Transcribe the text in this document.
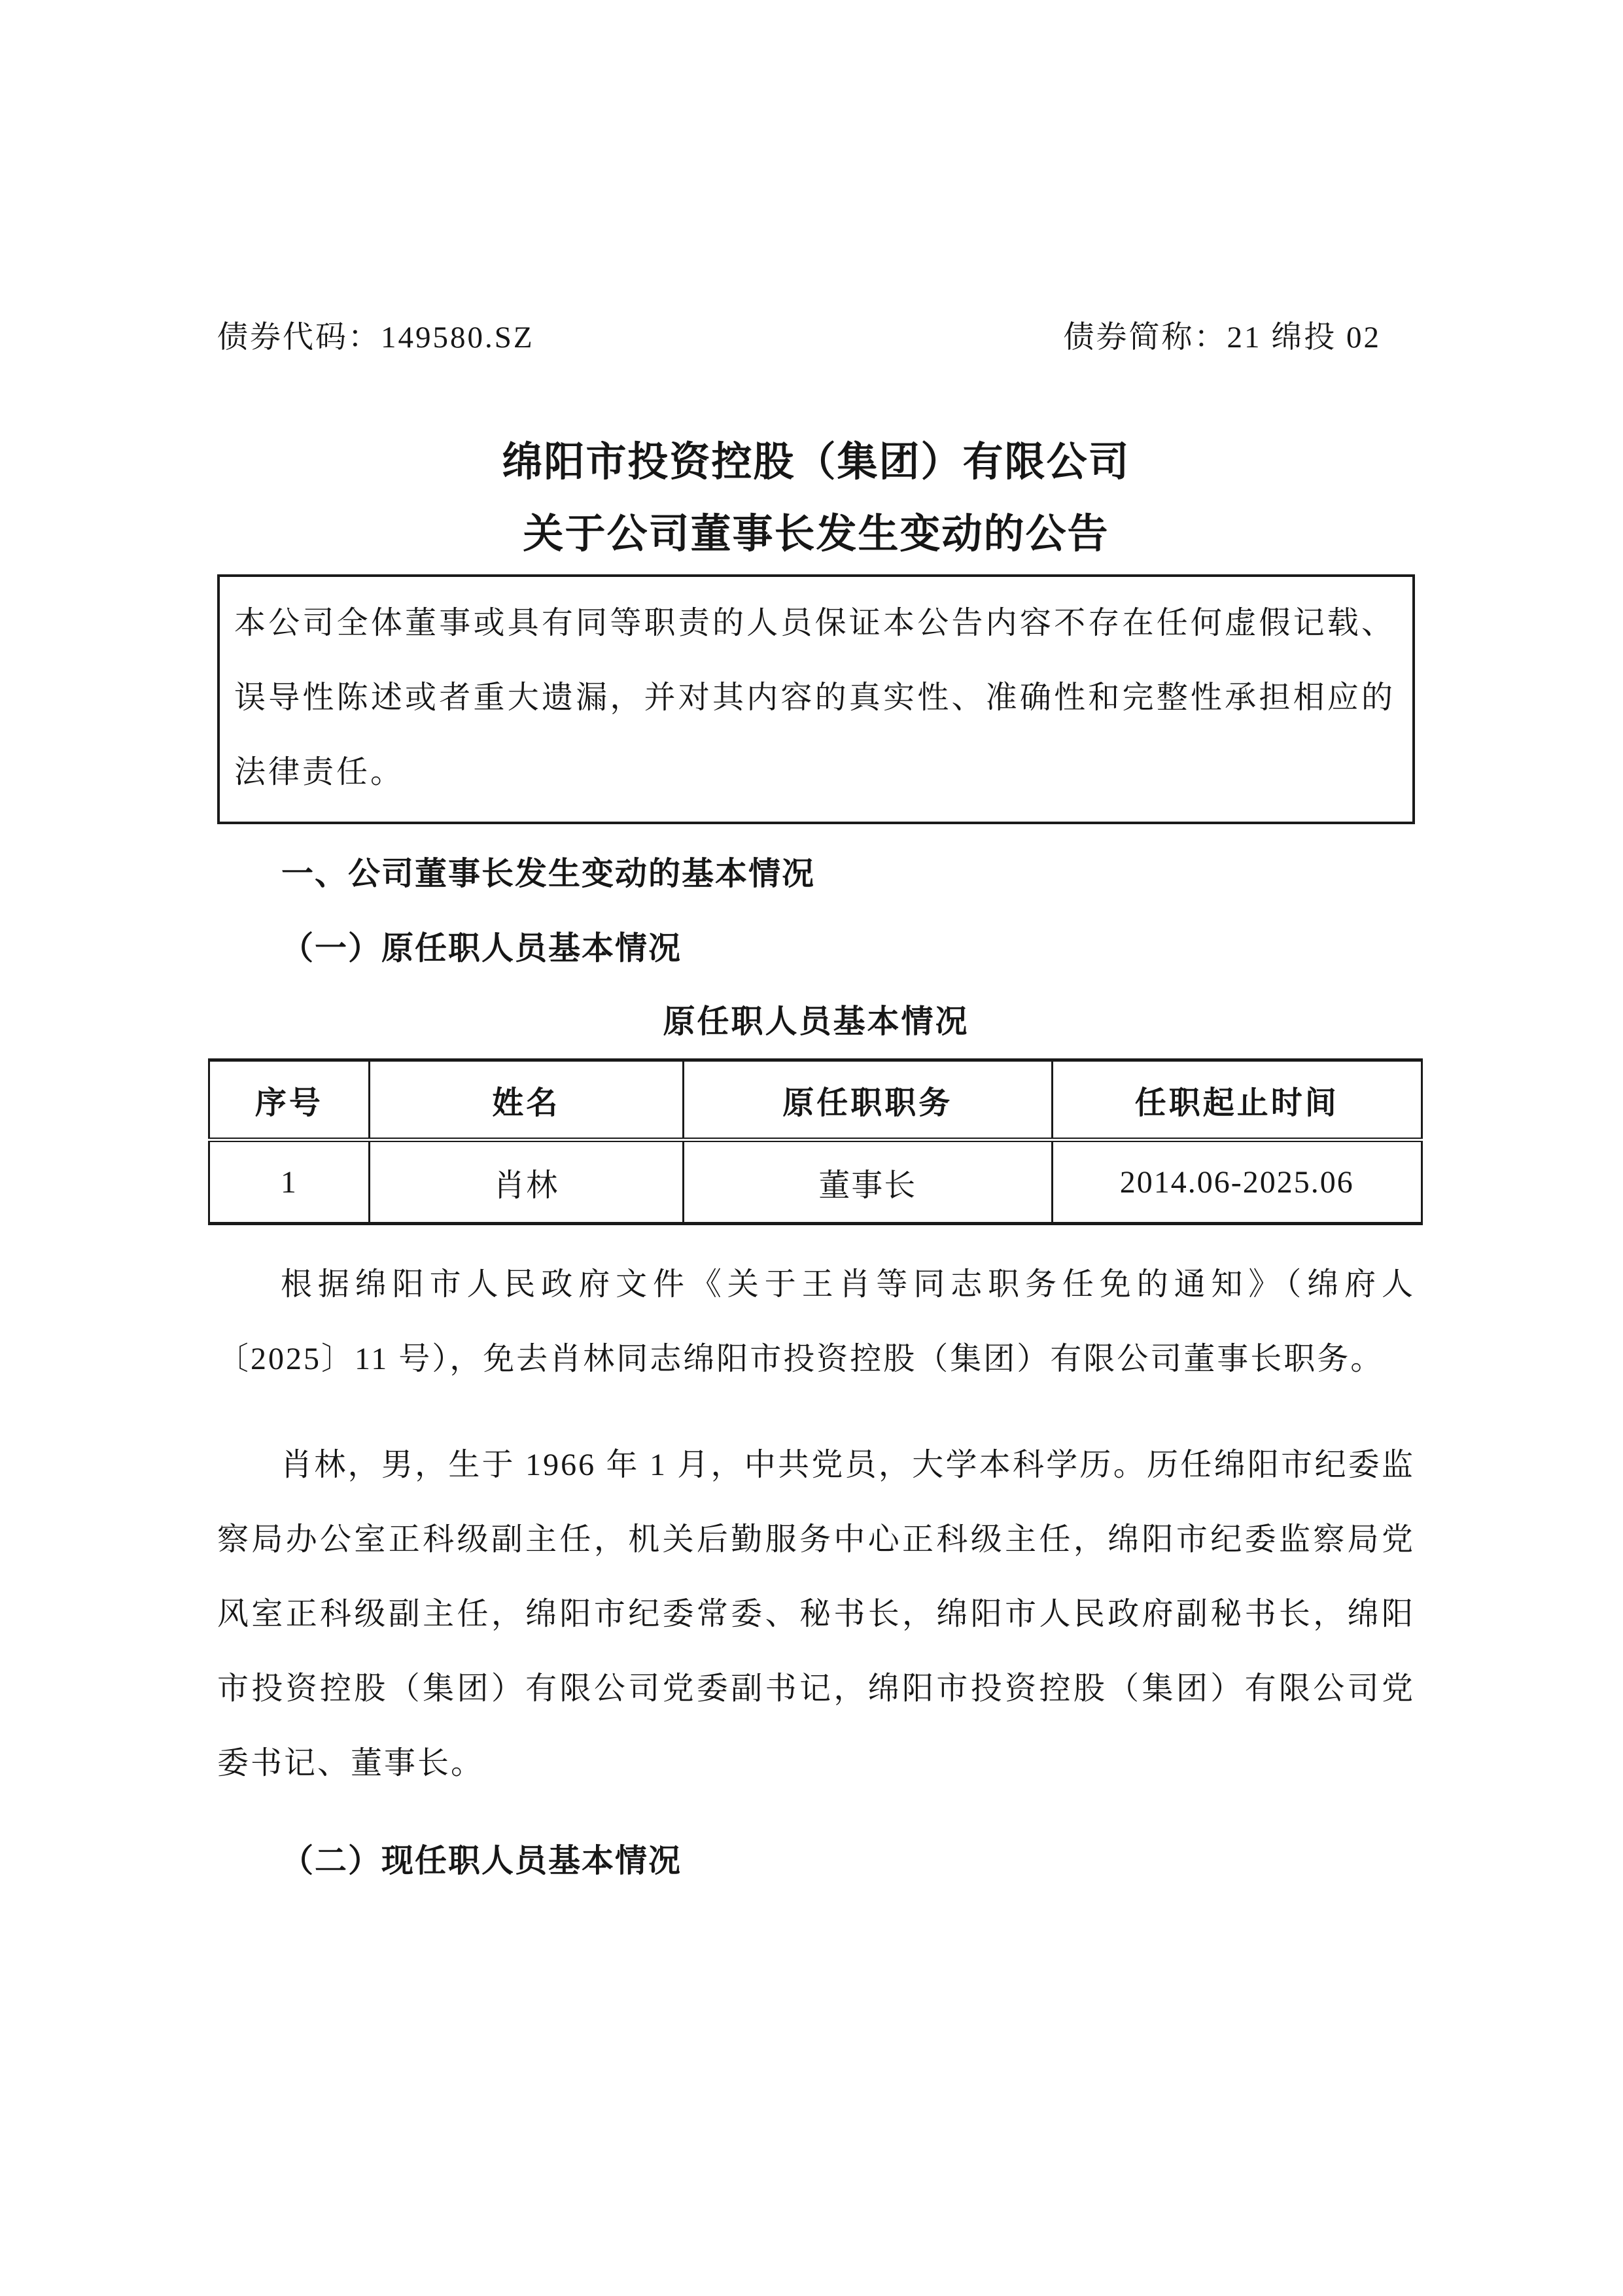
债券代码：149580.SZ	债券简称：21 绵投 02
绵阳市投资控股（集团）有限公司
关于公司董事长发生变动的公告
本公司全体董事或具有同等职责的人员保证本公告内容不存在任何虚假记载、误导性陈述或者重大遗漏，并对其内容的真实性、准确性和完整性承担相应的法律责任。
一、公司董事长发生变动的基本情况
（一）原任职人员基本情况
原任职人员基本情况
序号	姓名	原任职职务	任职起止时间
1	肖林	董事长	2014.06-2025.06

根据绵阳市人民政府文件《关于王肖等同志职务任免的通知》（绵府人〔2025〕11 号），免去肖林同志绵阳市投资控股（集团）有限公司董事长职务。

肖林，男，生于 1966 年 1 月，中共党员，大学本科学历。历任绵阳市纪委监察局办公室正科级副主任，机关后勤服务中心正科级主任，绵阳市纪委监察局党风室正科级副主任，绵阳市纪委常委、秘书长，绵阳市人民政府副秘书长，绵阳市投资控股（集团）有限公司党委副书记，绵阳市投资控股（集团）有限公司党委书记、董事长。

（二）现任职人员基本情况
